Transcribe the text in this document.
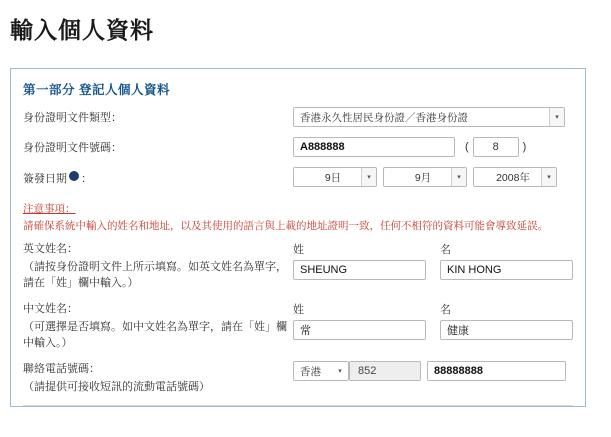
輸入個人資料
第一部分 登記人個人資料
身份證明文件類型：	香港永久性居民身份證／香港身份證	▾
身份證明文件號碼：	A888888	(	8	)
簽發日期 ：	9日	▾	9月	▾	2008年	▾
注意事項：
請確保系統中輸入的姓名和地址，以及其使用的語言與上載的地址證明一致，任何不相符的資料可能會導致延誤。
英文姓名：
（請按身份證明文件上所示填寫。如英文姓名為單字，請在「姓」欄中輸入。）
姓
SHEUNG
名
KIN HONG
中文姓名：
（可選擇是否填寫。如中文姓名為單字，請在「姓」欄中輸入。）
姓
常
名
健康
聯絡電話號碼：
（請提供可接收短訊的流動電話號碼）
香港	▾	852	88888888
